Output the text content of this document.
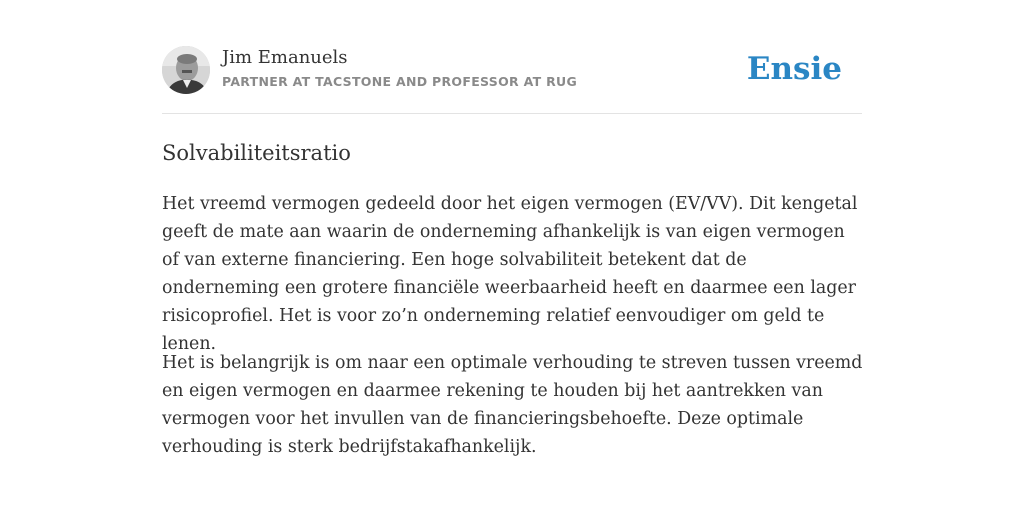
Jim Emanuels
PARTNER AT TACSTONE AND PROFESSOR AT RUG	Ensie
Solvabiliteitsratio

Het vreemd vermogen gedeeld door het eigen vermogen (EV/VV). Dit kengetal geeft de mate aan waarin de onderneming afhankelijk is van eigen vermogen of van externe financiering. Een hoge solvabiliteit betekent dat de onderneming een grotere financiële weerbaarheid heeft en daarmee een lager risicoprofiel. Het is voor zo’n onderneming relatief eenvoudiger om geld te lenen.

Het is belangrijk is om naar een optimale verhouding te streven tussen vreemd en eigen vermogen en daarmee rekening te houden bij het aantrekken van vermogen voor het invullen van de financieringsbehoefte. Deze optimale verhouding is sterk bedrijfstakafhankelijk.
